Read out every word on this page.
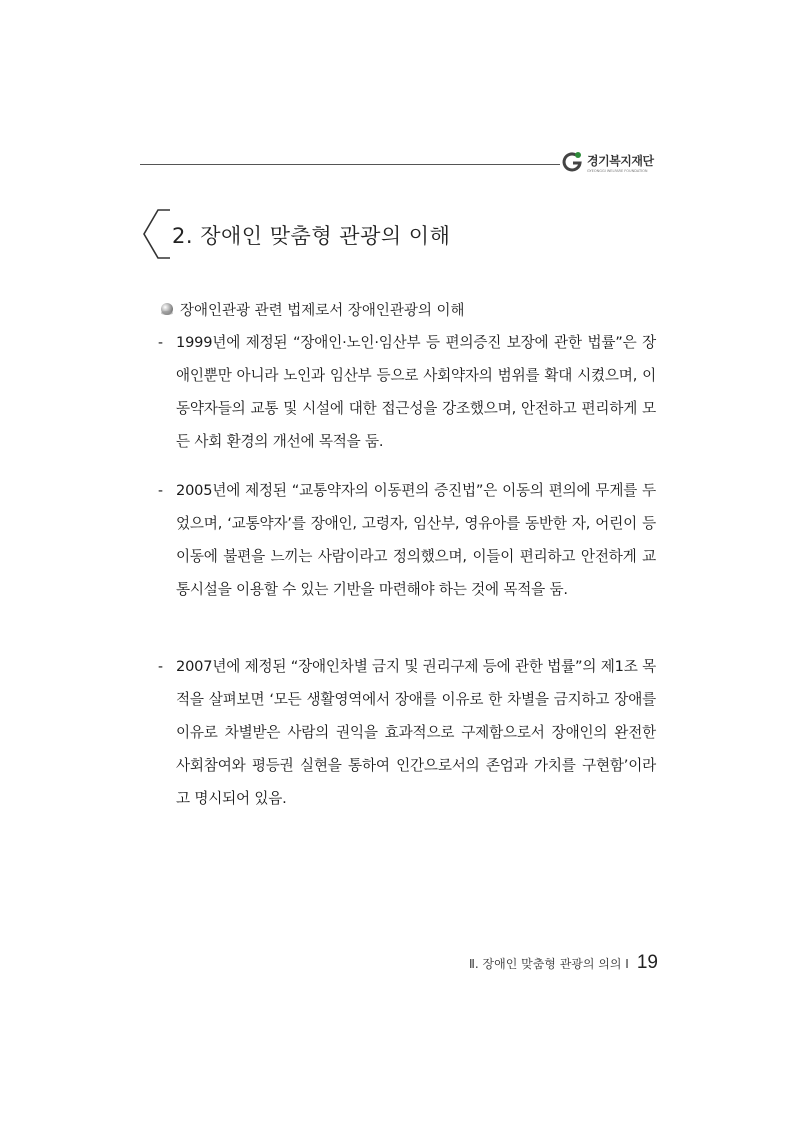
경기복지재단
GYEONGGI WELFARE FOUNDATION
2. 장애인 맞춤형 관광의 이해
장애인관광 관련 법제로서 장애인관광의 이해
- 1999년에 제정된 “장애인·노인·임산부 등 편의증진 보장에 관한 법률”은 장애인뿐만 아니라 노인과 임산부 등으로 사회약자의 범위를 확대 시켰으며, 이동약자들의 교통 및 시설에 대한 접근성을 강조했으며, 안전하고 편리하게 모든 사회 환경의 개선에 목적을 둠.
- 2005년에 제정된 “교통약자의 이동편의 증진법”은 이동의 편의에 무게를 두었으며, ‘교통약자’를 장애인, 고령자, 임산부, 영유아를 동반한 자, 어린이 등 이동에 불편을 느끼는 사람이라고 정의했으며, 이들이 편리하고 안전하게 교통시설을 이용할 수 있는 기반을 마련해야 하는 것에 목적을 둠.
- 2007년에 제정된 “장애인차별 금지 및 권리구제 등에 관한 법률”의 제1조 목적을 살펴보면 ‘모든 생활영역에서 장애를 이유로 한 차별을 금지하고 장애를 이유로 차별받은 사람의 권익을 효과적으로 구제함으로서 장애인의 완전한 사회참여와 평등권 실현을 통하여 인간으로서의 존엄과 가치를 구현함’이라고 명시되어 있음.
Ⅱ. 장애인 맞춤형 관광의 의의 Ⅰ 19
